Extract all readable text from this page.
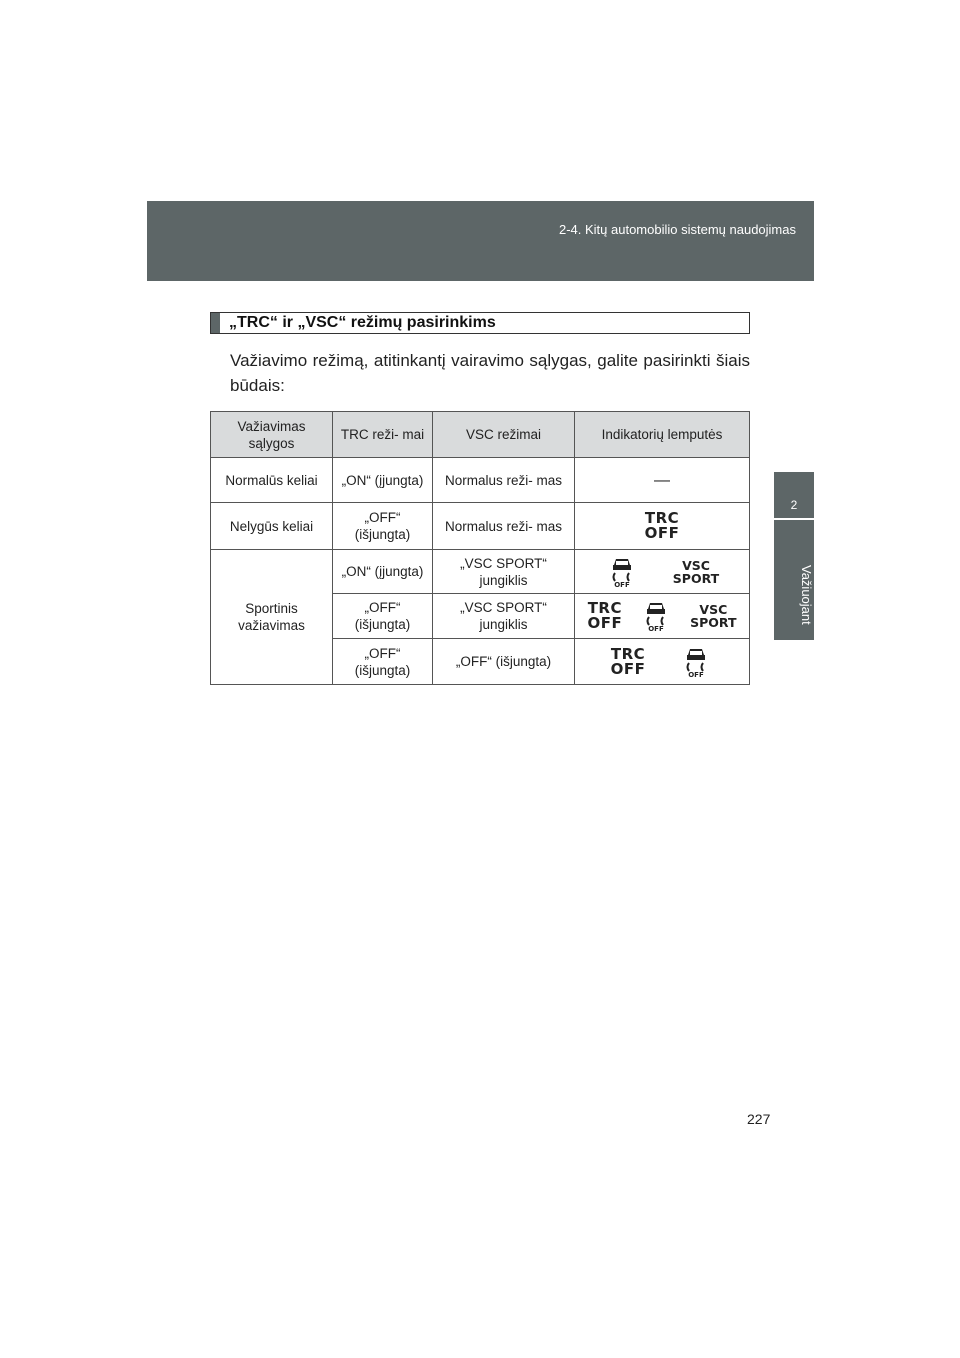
2-4. Kitų automobilio sistemų naudojimas
2
Važiuojant
„TRC“ ir „VSC“ režimų pasirinkims
Važiavimo režimą, atitinkantį vairavimo sąlygas, galite pasirinkti šiais būdais:
Važiavimas sąlygos	TRC reži- mai	VSC režimai	Indikatorių lemputės
Normalūs keliai	„ON“ (įjungta)	Normalus reži- mas	—
Nelygūs keliai	„OFF“ (išjungta)	Normalus reži- mas	TRC
OFF

Sportinis važiavimas	„ON“ (įjungta)	„VSC SPORT“ jungiklis	OFF
VSC
SPORT

	„OFF“ (išjungta)	„VSC SPORT“ jungiklis	TRC
OFF OFF
VSC
SPORT

	„OFF“ (išjungta)	„OFF“ (išjungta)	TRC
OFF OFF
227
